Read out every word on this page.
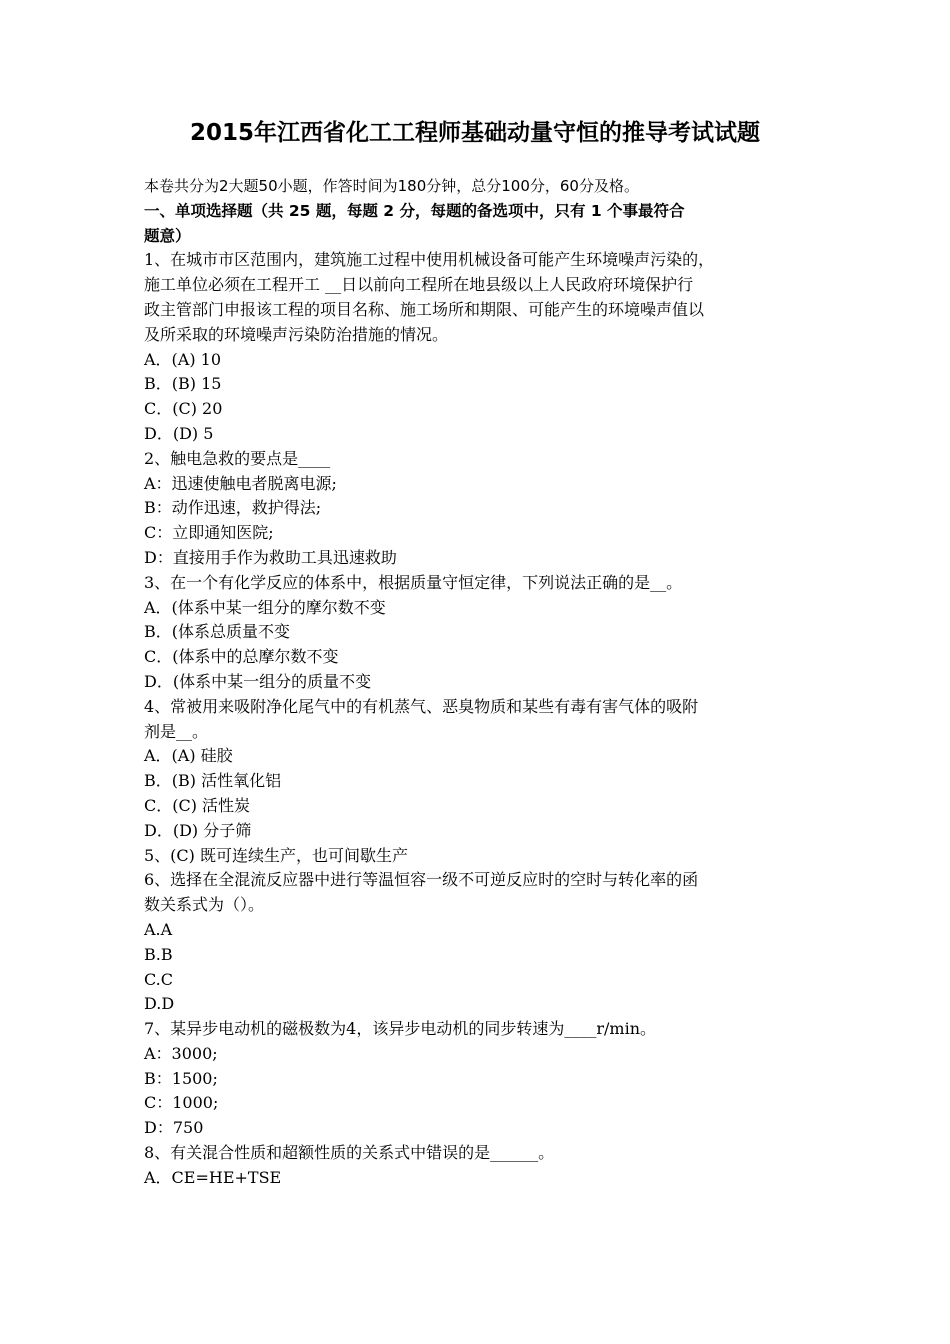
2015年江西省化工工程师基础动量守恒的推导考试试题
本卷共分为2大题50小题，作答时间为180分钟，总分100分，60分及格。
一、单项选择题（共 25 题，每题 2 分，每题的备选项中，只有 1 个事最符合
题意）
1、在城市市区范围内，建筑施工过程中使用机械设备可能产生环境噪声污染的，
施工单位必须在工程开工 __日以前向工程所在地县级以上人民政府环境保护行
政主管部门申报该工程的项目名称、施工场所和期限、可能产生的环境噪声值以
及所采取的环境噪声污染防治措施的情况。
A．(A) 10
B．(B) 15
C．(C) 20
D．(D) 5
2、触电急救的要点是____
A：迅速使触电者脱离电源;
B：动作迅速，救护得法;
C：立即通知医院;
D：直接用手作为救助工具迅速救助
3、在一个有化学反应的体系中，根据质量守恒定律，下列说法正确的是__。
A．(体系中某一组分的摩尔数不变
B．(体系总质量不变
C．(体系中的总摩尔数不变
D．(体系中某一组分的质量不变
4、常被用来吸附净化尾气中的有机蒸气、恶臭物质和某些有毒有害气体的吸附
剂是__。
A．(A) 硅胶
B．(B) 活性氧化铝
C．(C) 活性炭
D．(D) 分子筛
5、(C) 既可连续生产，也可间歇生产
6、选择在全混流反应器中进行等温恒容一级不可逆反应时的空时与转化率的函
数关系式为（）。
A.A
B.B
C.C
D.D
7、某异步电动机的磁极数为4，该异步电动机的同步转速为____r/min。
A：3000;
B：1500;
C：1000;
D：750
8、有关混合性质和超额性质的关系式中错误的是______。
A．CE=HE+TSE
